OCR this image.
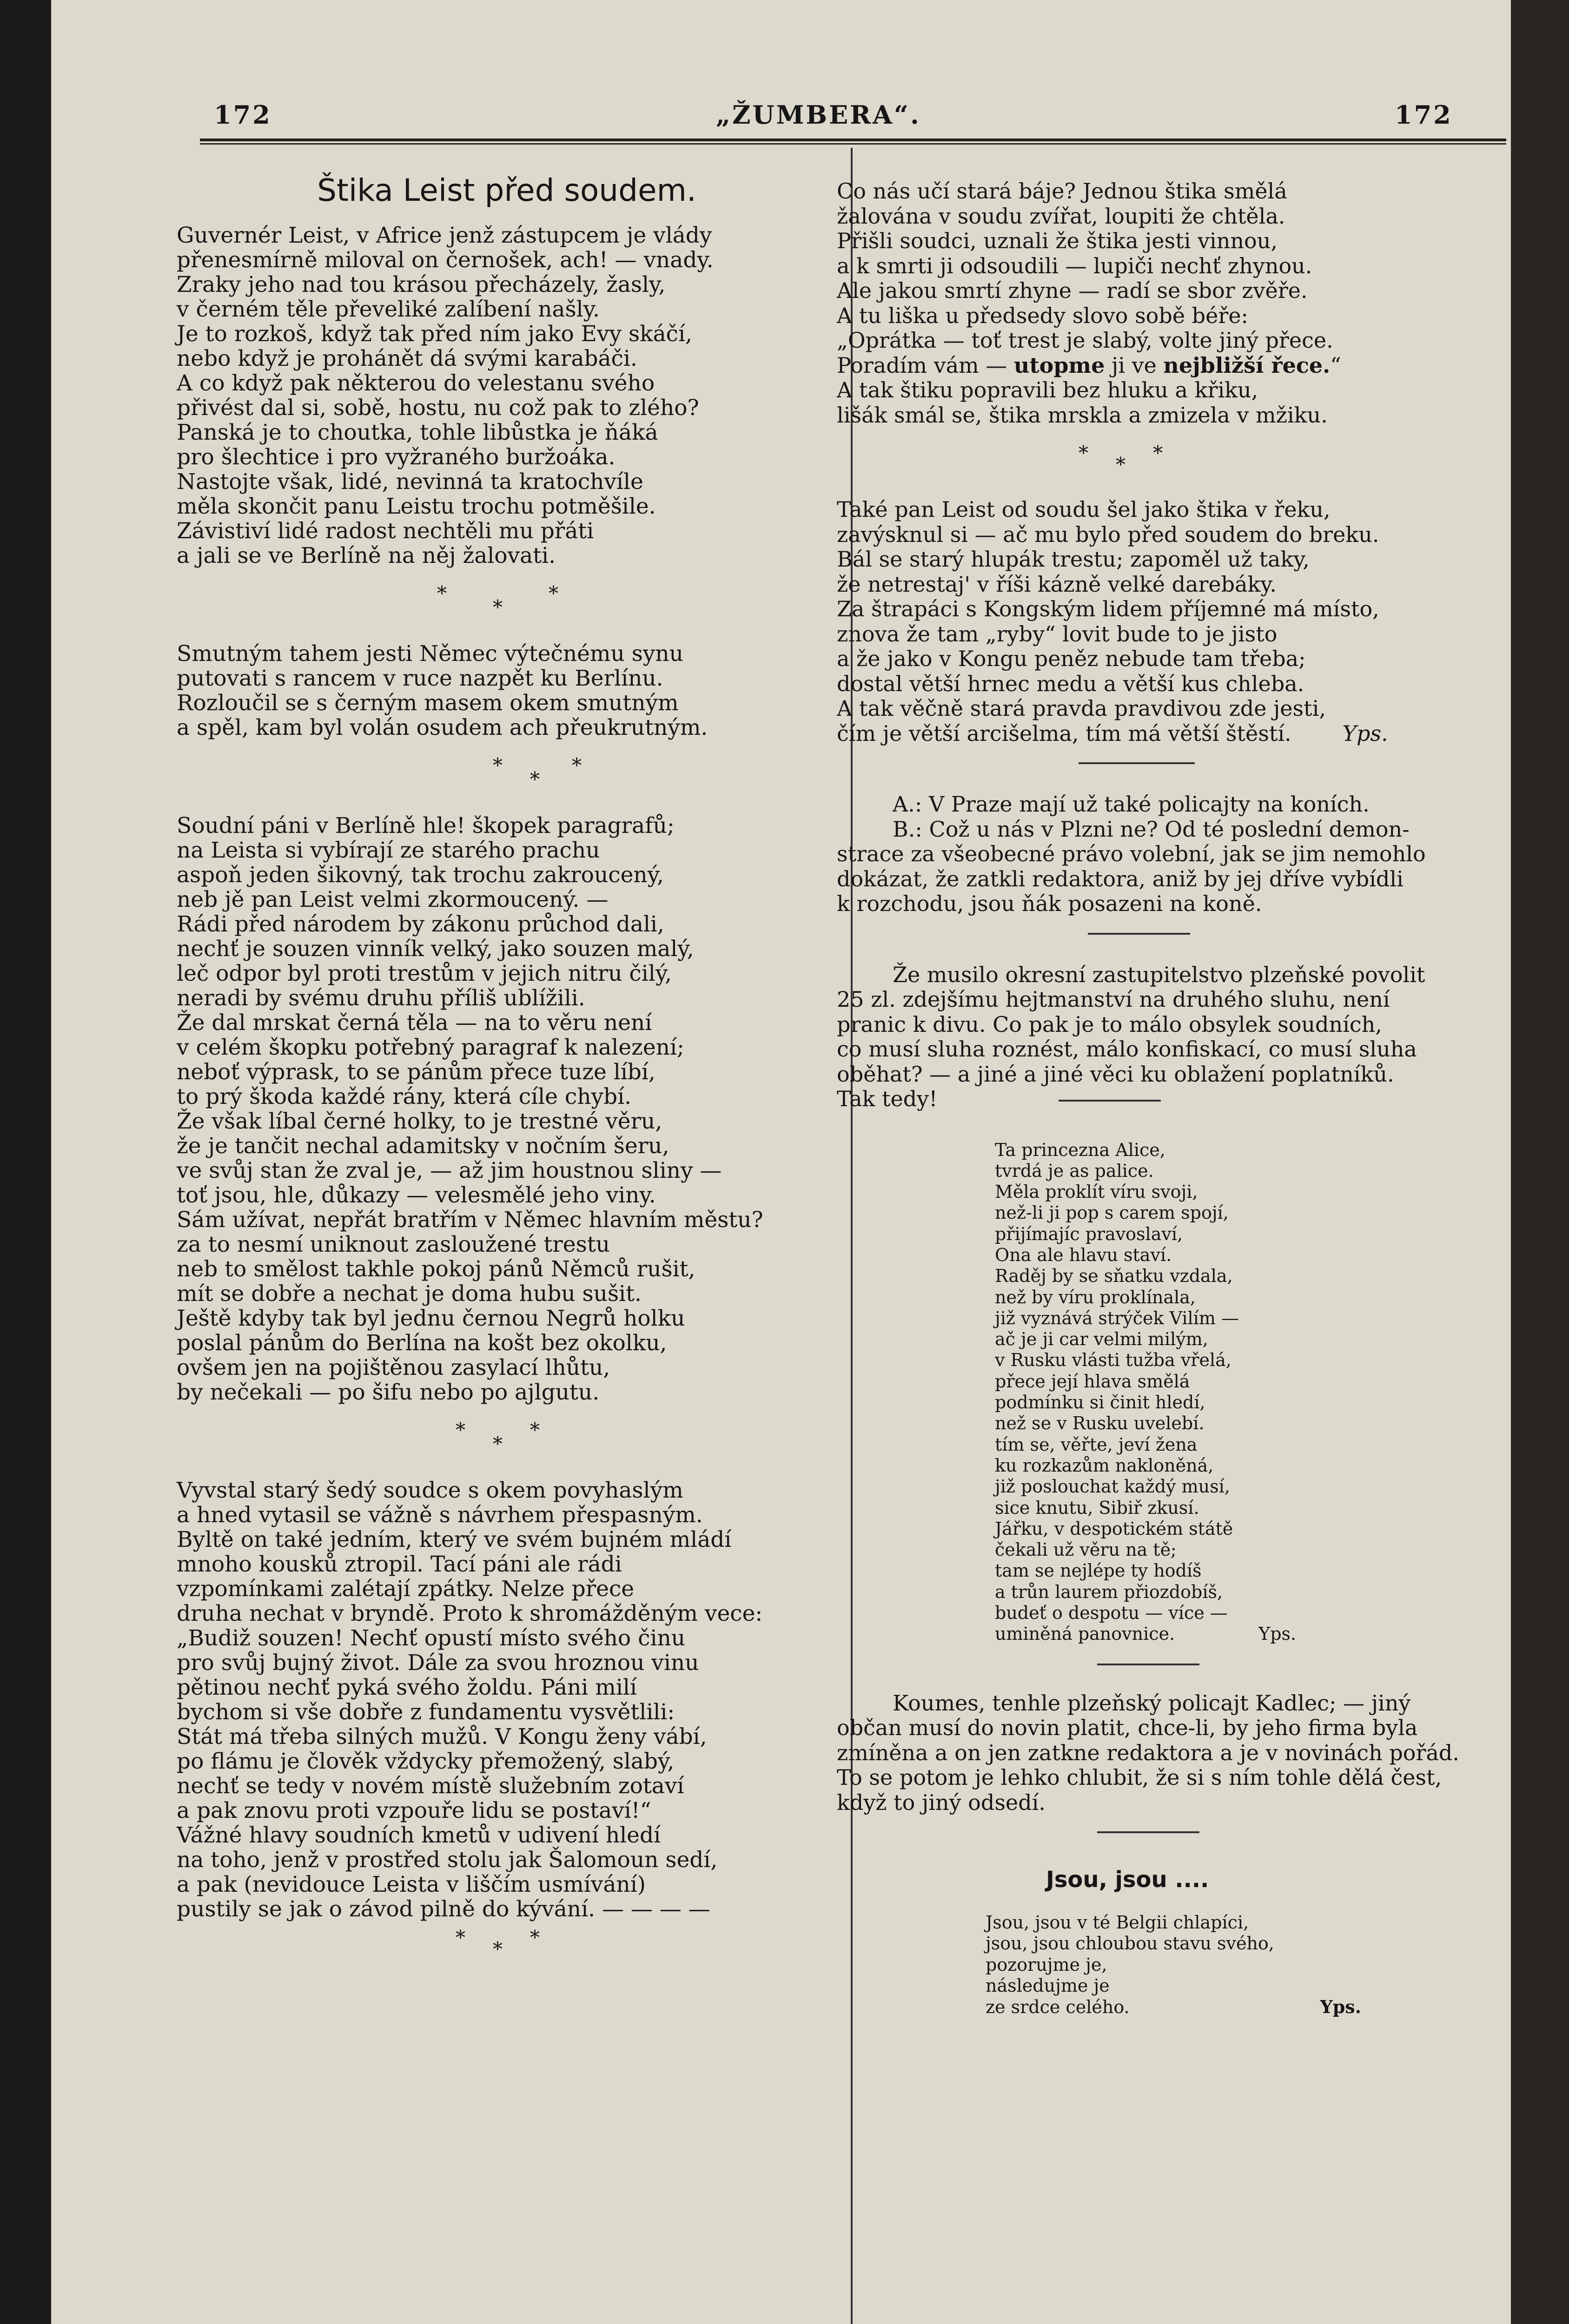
172	„ŽUMBERA“.	172
Štika Leist před soudem.

Guvernér Leist, v Africe jenž zástupcem je vlády

přenesmírně miloval on černošek, ach! — vnady.

Zraky jeho nad tou krásou přecházely, žasly,

v černém těle převeliké zalíbení našly.

Je to rozkoš, když tak před ním jako Evy skáčí,

nebo když je prohánět dá svými karabáči.

A co když pak některou do velestanu svého

přivést dal si, sobě, hostu, nu což pak to zlého?

Panská je to choutka, tohle libůstka je ňáká

pro šlechtice i pro vyžraného buržoáka.

Nastojte však, lidé, nevinná ta kratochvíle

měla skončit panu Leistu trochu potměšile.

Závistiví lidé radost nechtěli mu přáti

a jali se ve Berlíně na něj žalovati.

*
*
*

Smutným tahem jesti Němec výtečnému synu

putovati s rancem v ruce nazpět ku Berlínu.

Rozloučil se s černým masem okem smutným

a spěl, kam byl volán osudem ach přeukrutným.

*
*
*

Soudní páni v Berlíně hle! škopek paragrafů;

na Leista si vybírají ze starého prachu

aspoň jeden šikovný, tak trochu zakroucený,

neb jě pan Leist velmi zkormoucený. —

Rádi před národem by zákonu průchod dali,

nechť je souzen vinník velký, jako souzen malý,

leč odpor byl proti trestům v jejich nitru čilý,

neradi by svému druhu příliš ublížili.

Že dal mrskat černá těla — na to věru není

v celém škopku potřebný paragraf k nalezení;

neboť výprask, to se pánům přece tuze líbí,

to prý škoda každé rány, která cíle chybí.

Že však líbal černé holky, to je trestné věru,

že je tančit nechal adamitsky v nočním šeru,

ve svůj stan že zval je, — až jim houstnou sliny —

toť jsou, hle, důkazy — velesmělé jeho viny.

Sám užívat, nepřát bratřím v Němec hlavním městu?

za to nesmí uniknout zasloužené trestu

neb to smělost takhle pokoj pánů Němců rušit,

mít se dobře a nechat je doma hubu sušit.

Ještě kdyby tak byl jednu černou Negrů holku

poslal pánům do Berlína na košt bez okolku,

ovšem jen na pojištěnou zasylací lhůtu,

by nečekali — po šifu nebo po ajlgutu.

*
*
*

Vyvstal starý šedý soudce s okem povyhaslým

a hned vytasil se vážně s návrhem přespasným.

Byltě on také jedním, který ve svém bujném mládí

mnoho kousků ztropil. Tací páni ale rádi

vzpomínkami zalétají zpátky. Nelze přece

druha nechat v bryndě. Proto k shromážděným vece:

„Budiž souzen! Nechť opustí místo svého činu

pro svůj bujný život. Dále za svou hroznou vinu

pětinou nechť pyká svého žoldu. Páni milí

bychom si vše dobře z fundamentu vysvětlili:

Stát má třeba silných mužů. V Kongu ženy vábí,

po flámu je člověk vždycky přemožený, slabý,

nechť se tedy v novém místě služebním zotaví

a pak znovu proti vzpouře lidu se postaví!“

Vážné hlavy soudních kmetů v udivení hledí

na toho, jenž v prostřed stolu jak Šalomoun sedí,

a pak (nevidouce Leista v liščím usmívání)

pustily se jak o závod pilně do kývání. — — — —

*
*
*

Co nás učí stará báje? Jednou štika smělá

žalována v soudu zvířat, loupiti že chtěla.

Přišli soudci, uznali že štika jesti vinnou,

a k smrti ji odsoudili — lupiči nechť zhynou.

Ale jakou smrtí zhyne — radí se sbor zvěře.

A tu liška u předsedy slovo sobě béře:

„Oprátka — toť trest je slabý, volte jiný přece.

Poradím vám — utopme ji ve nejbližší řece.“

A tak štiku popravili bez hluku a křiku,

lišák smál se, štika mrskla a zmizela v mžiku.

*
*
*

Také pan Leist od soudu šel jako štika v řeku,

zavýsknul si — ač mu bylo před soudem do breku.

Bál se starý hlupák trestu; zapoměl už taky,

že netrestaj' v říši kázně velké darebáky.

Za štrapáci s Kongským lidem příjemné má místo,

znova že tam „ryby“ lovit bude to je jisto

a že jako v Kongu peněz nebude tam třeba;

dostal větší hrnec medu a větší kus chleba.

A tak věčně stará pravda pravdivou zde jesti,

čím je větší arcišelma, tím má větší štěstí. Yps.

A.: V Praze mají už také policajty na koních.

B.: Což u nás v Plzni ne? Od té poslední demon-

strace za všeobecné právo volební, jak se jim nemohlo

dokázat, že zatkli redaktora, aniž by jej dříve vybídli

k rozchodu, jsou ňák posazeni na koně.

Že musilo okresní zastupitelstvo plzeňské povolit

25 zl. zdejšímu hejtmanství na druhého sluhu, není

pranic k divu. Co pak je to málo obsylek soudních,

co musí sluha roznést, málo konfiskací, co musí sluha

oběhat? — a jiné a jiné věci ku oblažení poplatníků.

Tak tedy!

Ta princezna Alice,

tvrdá je as palice.

Měla proklít víru svoji,

než-li ji pop s carem spojí,

přijímajíc pravoslaví,

Ona ale hlavu staví.

Raděj by se sňatku vzdala,

než by víru proklínala,

již vyznává strýček Vilím —

ač je ji car velmi milým,

v Rusku vlásti tužba vřelá,

přece její hlava smělá

podmínku si činit hledí,

než se v Rusku uvelebí.

tím se, věřte, jeví žena

ku rozkazům nakloněná,

již poslouchat každý musí,

sice knutu, Sibiř zkusí.

Jářku, v despotickém státě

čekali už věru na tě;

tam se nejlépe ty hodíš

a trůn laurem přiozdobíš,

budeť o despotu — více —

uminěná panovnice.	Yps.

Koumes, tenhle plzeňský policajt Kadlec; — jiný

občan musí do novin platit, chce-li, by jeho firma byla

zmíněna a on jen zatkne redaktora a je v novinách pořád.

To se potom je lehko chlubit, že si s ním tohle dělá čest,

když to jiný odsedí.

Jsou, jsou ....

Jsou, jsou v té Belgii chlapíci,

jsou, jsou chloubou stavu svého,

pozorujme je,

následujme je

ze srdce celého.	Yps.
